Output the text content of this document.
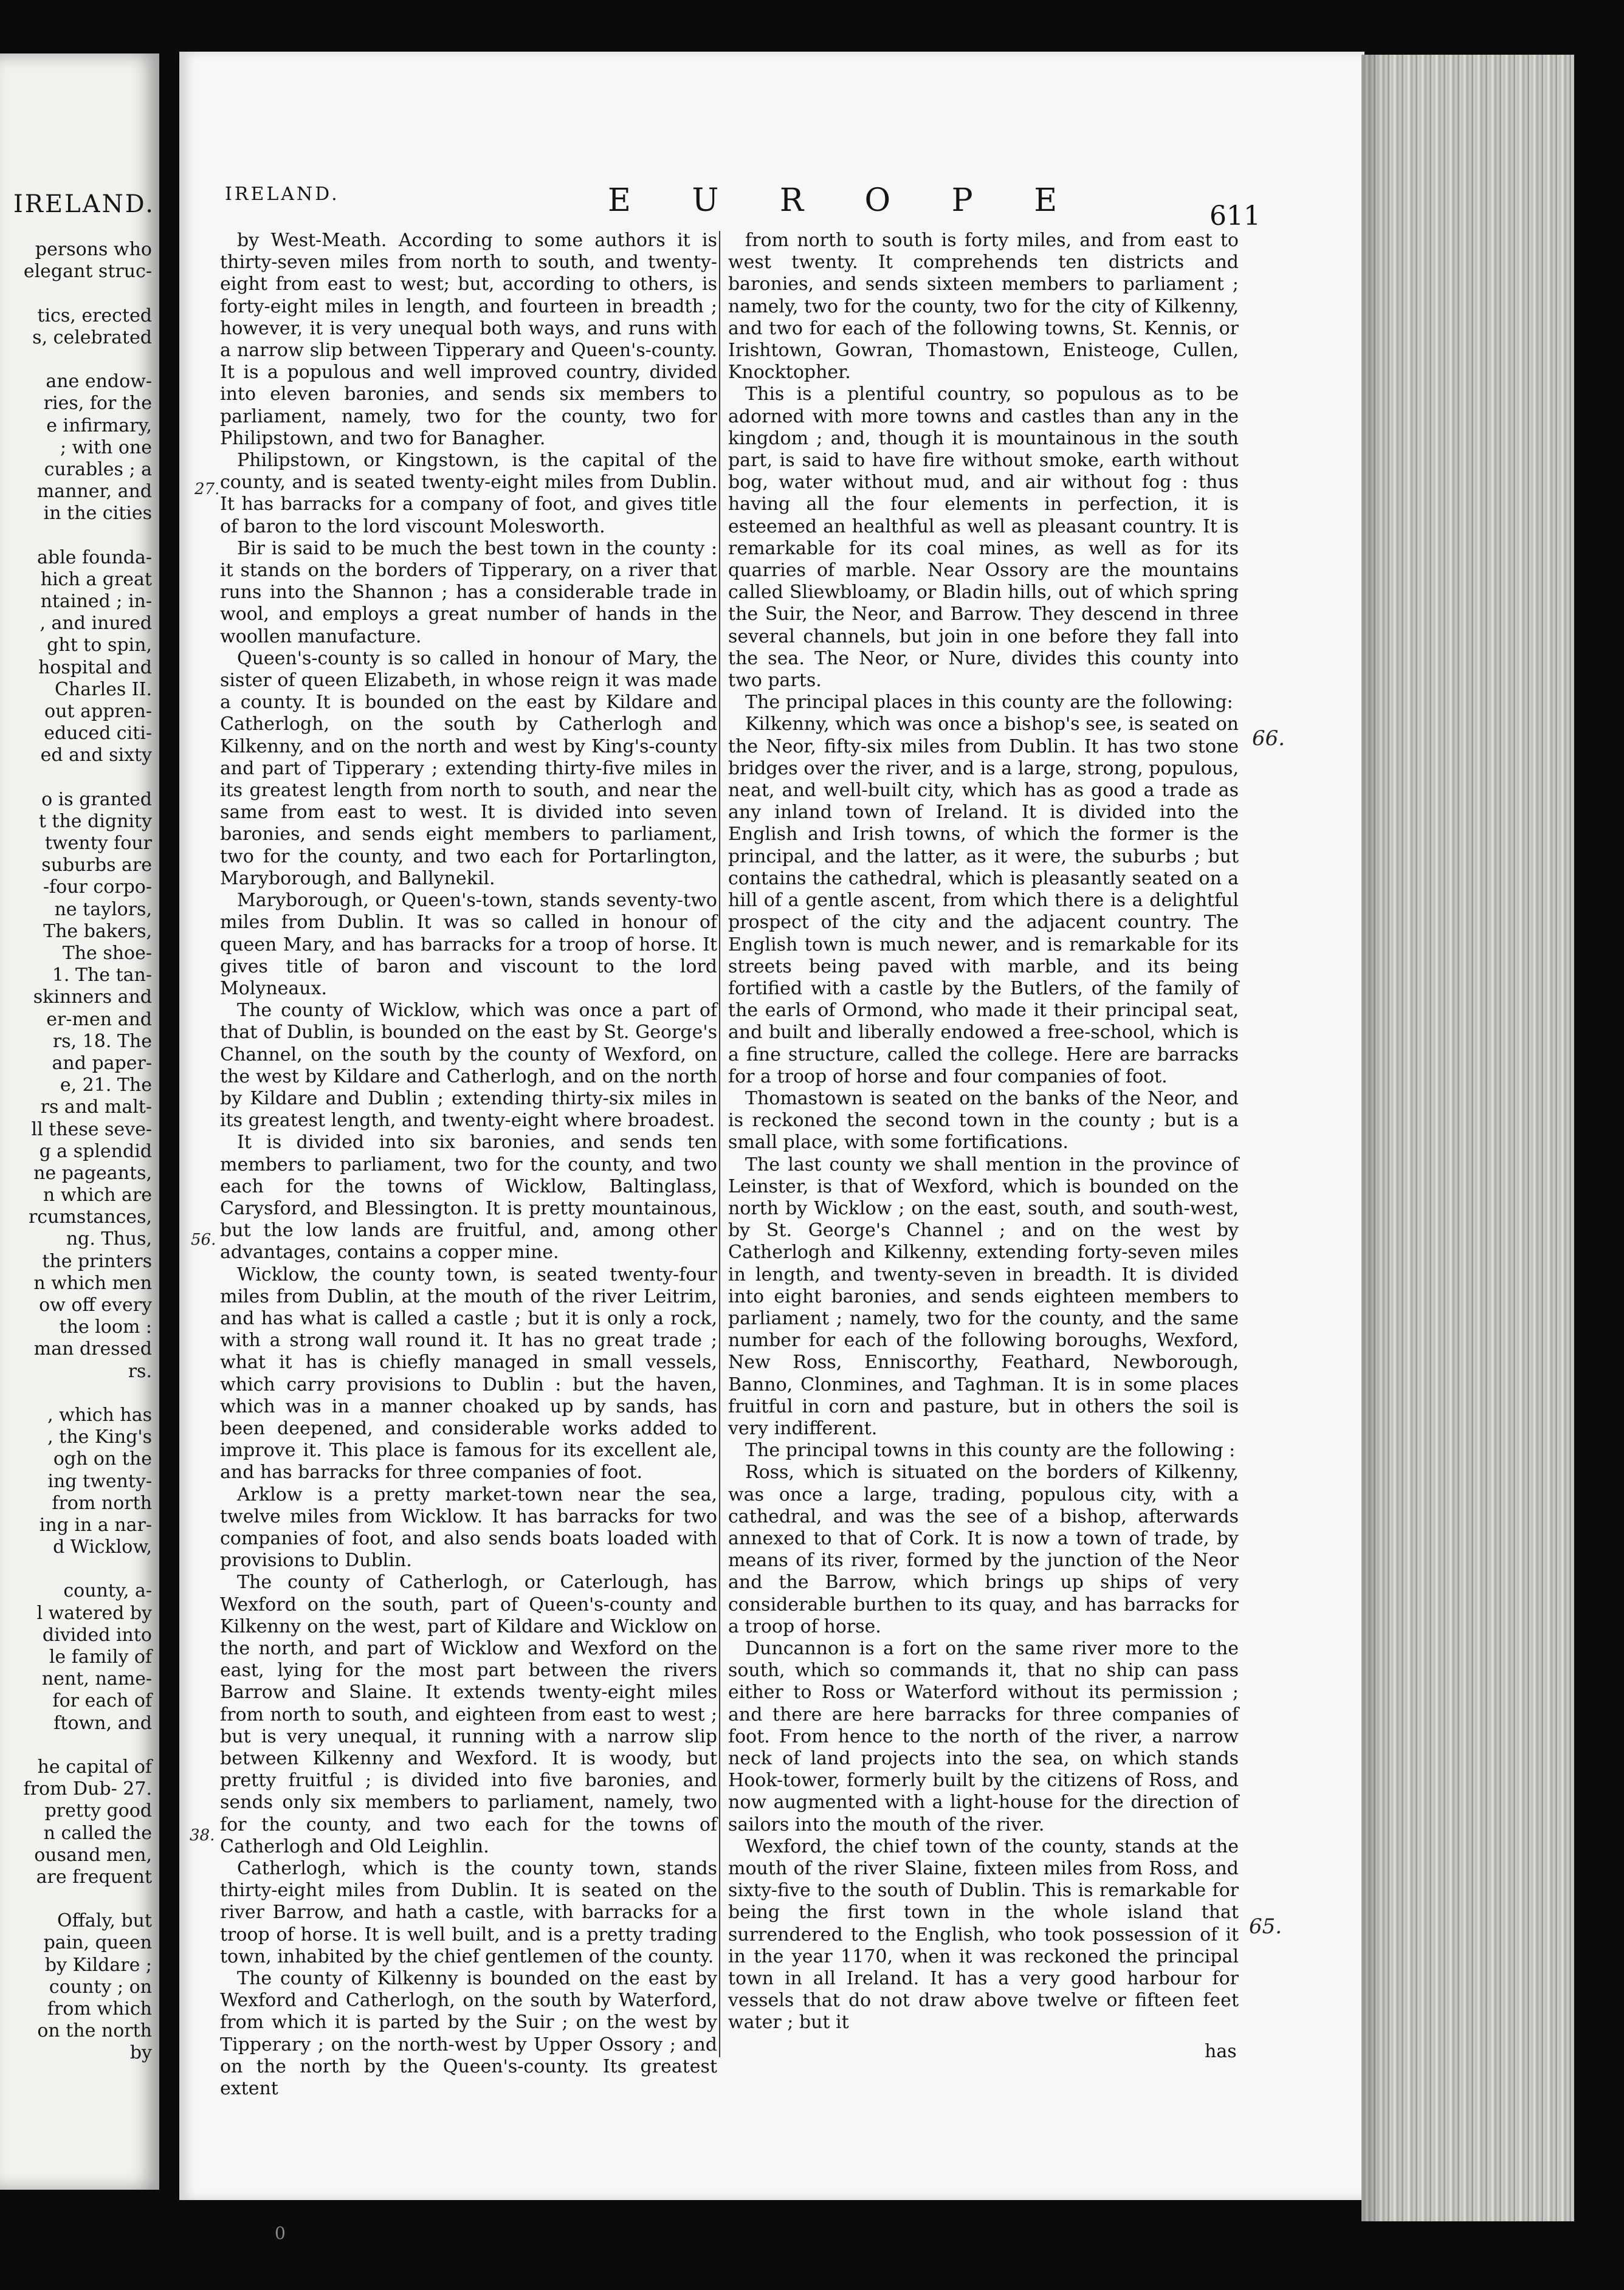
IRELAND.
persons who
elegant struc-
tics, erected
s, celebrated
ane endow-
ries, for the
e infirmary,
; with one
curables ; a
manner, and
in the cities
able founda-
hich a great
ntained ; in-
, and inured
ght to spin,
hospital and
Charles II.
out appren-
educed citi-
ed and sixty
o is granted
t the dignity
twenty four
suburbs are
-four corpo-
ne taylors,
The bakers,
The shoe-
1. The tan-
skinners and
er-men and
rs, 18. The
and paper-
e, 21. The
rs and malt-
ll these seve-
g a splendid
ne pageants,
n which are
rcumstances,
ng. Thus,
the printers
n which men
ow off every
the loom :
man dressed
rs.
, which has
, the King's
ogh on the
ing twenty-
from north
ing in a nar-
d Wicklow,
county, a-
l watered by
divided into
le family of
nent, name-
for each of
ftown, and
he capital of
from Dub- 27.
pretty good
n called the
ousand men,
are frequent
Offaly, but
pain, queen
by Kildare ;
county ; on
from which
on the north
by
IRELAND.	E U R O P E	611

by West-Meath. According to some authors it is thirty-seven miles from north to south, and twenty-eight from east to west; but, according to others, is forty-eight miles in length, and fourteen in breadth ; however, it is very unequal both ways, and runs with a narrow slip between Tipperary and Queen's-county. It is a populous and well improved country, divided into eleven baronies, and sends six members to parliament, namely, two for the county, two for Philipstown, and two for Banagher.

Philipstown, or Kingstown, is the capital of the county, and is seated twenty-eight miles from Dublin. It has barracks for a company of foot, and gives title of baron to the lord viscount Molesworth.

Bir is said to be much the best town in the county : it stands on the borders of Tipperary, on a river that runs into the Shannon ; has a considerable trade in wool, and employs a great number of hands in the woollen manufacture.

Queen's-county is so called in honour of Mary, the sister of queen Elizabeth, in whose reign it was made a county. It is bounded on the east by Kildare and Catherlogh, on the south by Catherlogh and Kilkenny, and on the north and west by King's-county and part of Tipperary ; extending thirty-five miles in its greatest length from north to south, and near the same from east to west. It is divided into seven baronies, and sends eight members to parliament, two for the county, and two each for Portarlington, Maryborough, and Ballynekil.

Maryborough, or Queen's-town, stands seventy-two miles from Dublin. It was so called in honour of queen Mary, and has barracks for a troop of horse. It gives title of baron and viscount to the lord Molyneaux.

The county of Wicklow, which was once a part of that of Dublin, is bounded on the east by St. George's Channel, on the south by the county of Wexford, on the west by Kildare and Catherlogh, and on the north by Kildare and Dublin ; extending thirty-six miles in its greatest length, and twenty-eight where broadest.

It is divided into six baronies, and sends ten members to parliament, two for the county, and two each for the towns of Wicklow, Baltinglass, Carysford, and Blessington. It is pretty mountainous, but the low lands are fruitful, and, among other advantages, contains a copper mine.

Wicklow, the county town, is seated twenty-four miles from Dublin, at the mouth of the river Leitrim, and has what is called a castle ; but it is only a rock, with a strong wall round it. It has no great trade ; what it has is chiefly managed in small vessels, which carry provisions to Dublin : but the haven, which was in a manner choaked up by sands, has been deepened, and considerable works added to improve it. This place is famous for its excellent ale, and has barracks for three companies of foot.

Arklow is a pretty market-town near the sea, twelve miles from Wicklow. It has barracks for two companies of foot, and also sends boats loaded with provisions to Dublin.

The county of Catherlogh, or Caterlough, has Wexford on the south, part of Queen's-county and Kilkenny on the west, part of Kildare and Wicklow on the north, and part of Wicklow and Wexford on the east, lying for the most part between the rivers Barrow and Slaine. It extends twenty-eight miles from north to south, and eighteen from east to west ; but is very unequal, it running with a narrow slip between Kilkenny and Wexford. It is woody, but pretty fruitful ; is divided into five baronies, and sends only six members to parliament, namely, two for the county, and two each for the towns of Catherlogh and Old Leighlin.

Catherlogh, which is the county town, stands thirty-eight miles from Dublin. It is seated on the river Barrow, and hath a castle, with barracks for a troop of horse. It is well built, and is a pretty trading town, inhabited by the chief gentlemen of the county.

The county of Kilkenny is bounded on the east by Wexford and Catherlogh, on the south by Waterford, from which it is parted by the Suir ; on the west by Tipperary ; on the north-west by Upper Ossory ; and on the north by the Queen's-county. Its greatest extent

from north to south is forty miles, and from east to west twenty. It comprehends ten districts and baronies, and sends sixteen members to parliament ; namely, two for the county, two for the city of Kilkenny, and two for each of the following towns, St. Kennis, or Irishtown, Gowran, Thomastown, Enisteoge, Cullen, Knocktopher.

This is a plentiful country, so populous as to be adorned with more towns and castles than any in the kingdom ; and, though it is mountainous in the south part, is said to have fire without smoke, earth without bog, water without mud, and air without fog : thus having all the four elements in perfection, it is esteemed an healthful as well as pleasant country. It is remarkable for its coal mines, as well as for its quarries of marble. Near Ossory are the mountains called Sliewbloamy, or Bladin hills, out of which spring the Suir, the Neor, and Barrow. They descend in three several channels, but join in one before they fall into the sea. The Neor, or Nure, divides this county into two parts.

The principal places in this county are the following:

Kilkenny, which was once a bishop's see, is seated on the Neor, fifty-six miles from Dublin. It has two stone bridges over the river, and is a large, strong, populous, neat, and well-built city, which has as good a trade as any inland town of Ireland. It is divided into the English and Irish towns, of which the former is the principal, and the latter, as it were, the suburbs ; but contains the cathedral, which is pleasantly seated on a hill of a gentle ascent, from which there is a delightful prospect of the city and the adjacent country. The English town is much newer, and is remarkable for its streets being paved with marble, and its being fortified with a castle by the Butlers, of the family of the earls of Ormond, who made it their principal seat, and built and liberally endowed a free-school, which is a fine structure, called the college. Here are barracks for a troop of horse and four companies of foot.

Thomastown is seated on the banks of the Neor, and is reckoned the second town in the county ; but is a small place, with some fortifications.

The last county we shall mention in the province of Leinster, is that of Wexford, which is bounded on the north by Wicklow ; on the east, south, and south-west, by St. George's Channel ; and on the west by Catherlogh and Kilkenny, extending forty-seven miles in length, and twenty-seven in breadth. It is divided into eight baronies, and sends eighteen members to parliament ; namely, two for the county, and the same number for each of the following boroughs, Wexford, New Ross, Enniscorthy, Feathard, Newborough, Banno, Clonmines, and Taghman. It is in some places fruitful in corn and pasture, but in others the soil is very indifferent.

The principal towns in this county are the following :

Ross, which is situated on the borders of Kilkenny, was once a large, trading, populous city, with a cathedral, and was the see of a bishop, afterwards annexed to that of Cork. It is now a town of trade, by means of its river, formed by the junction of the Neor and the Barrow, which brings up ships of very considerable burthen to its quay, and has barracks for a troop of horse.

Duncannon is a fort on the same river more to the south, which so commands it, that no ship can pass either to Ross or Waterford without its permission ; and there are here barracks for three companies of foot. From hence to the north of the river, a narrow neck of land projects into the sea, on which stands Hook-tower, formerly built by the citizens of Ross, and now augmented with a light-house for the direction of sailors into the mouth of the river.

Wexford, the chief town of the county, stands at the mouth of the river Slaine, fixteen miles from Ross, and sixty-five to the south of Dublin. This is remarkable for being the first town in the whole island that surrendered to the English, who took possession of it in the year 1170, when it was reckoned the principal town in all Ireland. It has a very good harbour for vessels that do not draw above twelve or fifteen feet water ; but it

27.
38.
56.
66.
65.
has
0
